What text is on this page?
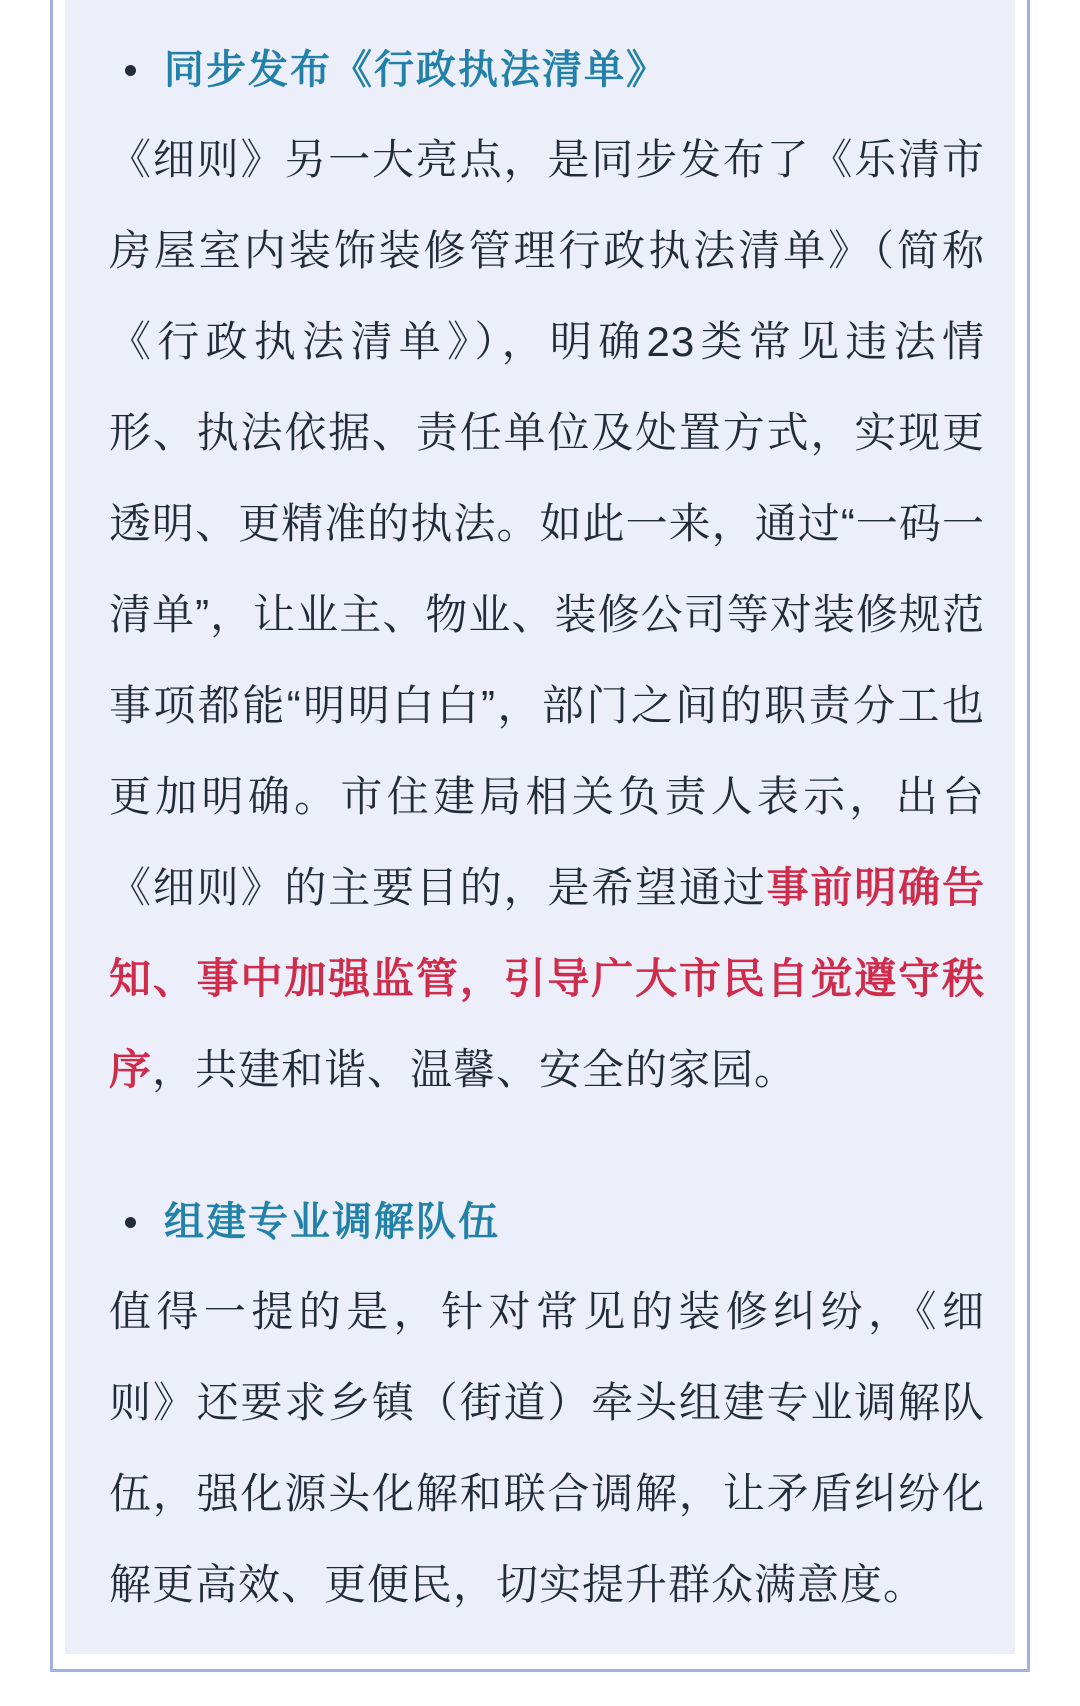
同步发布《行政执法清单》
《细则》另一大亮点，是同步发布了《乐清市
房屋室内装饰装修管理行政执法清单》（简称
《行政执法清单》），明确23类常见违法情
形、执法依据、责任单位及处置方式，实现更
透明、更精准的执法。如此一来，通过“一码一
清单”，让业主、物业、装修公司等对装修规范
事项都能“明明白白”，部门之间的职责分工也
更加明确。市住建局相关负责人表示，出台
《细则》的主要目的，是希望通过事前明确告
知、事中加强监管，引导广大市民自觉遵守秩
序，共建和谐、温馨、安全的家园。
组建专业调解队伍
值得一提的是，针对常见的装修纠纷，《细
则》还要求乡镇（街道）牵头组建专业调解队
伍，强化源头化解和联合调解，让矛盾纠纷化
解更高效、更便民，切实提升群众满意度。
